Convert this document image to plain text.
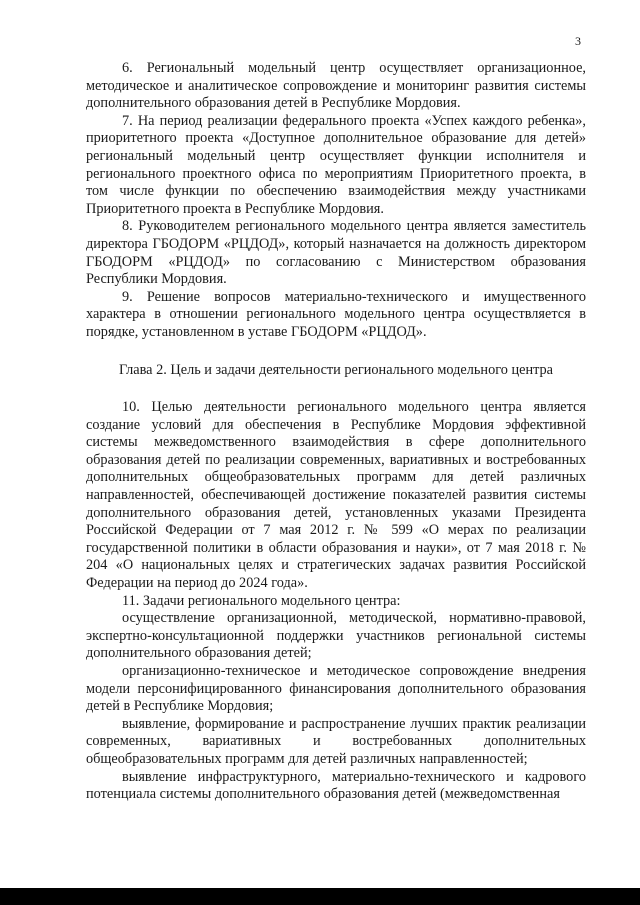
3

6. Региональный модельный центр осуществляет организационное, методическое и аналитическое сопровождение и мониторинг развития системы дополнительного образования детей в Республике Мордовия.

7. На период реализации федерального проекта «Успех каждого ребенка», приоритетного проекта «Доступное дополнительное образование для детей» региональный модельный центр осуществляет функции исполнителя и регионального проектного офиса по мероприятиям Приоритетного проекта, в том числе функции по обеспечению взаимодействия между участниками Приоритетного проекта в Республике Мордовия.

8. Руководителем регионального модельного центра является заместитель директора ГБОДОРМ «РЦДОД», который назначается на должность директором ГБОДОРМ «РЦДОД» по согласованию с Министерством образования Республики Мордовия.

9. Решение вопросов материально-технического и имущественного характера в отношении регионального модельного центра осуществляется в порядке, установленном в уставе ГБОДОРМ «РЦДОД».

Глава 2. Цель и задачи деятельности регионального модельного центра

10. Целью деятельности регионального модельного центра является создание условий для обеспечения в Республике Мордовия эффективной системы межведомственного взаимодействия в сфере дополнительного образования детей по реализации современных, вариативных и востребованных дополнительных общеобразовательных программ для детей различных направленностей, обеспечивающей достижение показателей развития системы дополнительного образования детей, установленных указами Президента Российской Федерации от 7 мая 2012 г. № 599 «О мерах по реализации государственной политики в области образования и науки», от 7 мая 2018 г. № 204 «О национальных целях и стратегических задачах развития Российской Федерации на период до 2024 года».

11. Задачи регионального модельного центра:

осуществление организационной, методической, нормативно-правовой, экспертно-консультационной поддержки участников региональной системы дополнительного образования детей;

организационно-техническое и методическое сопровождение внедрения модели персонифицированного финансирования дополнительного образования детей в Республике Мордовия;

выявление, формирование и распространение лучших практик реализации современных, вариативных и востребованных дополнительных общеобразовательных программ для детей различных направленностей;

выявление инфраструктурного, материально-технического и кадрового потенциала системы дополнительного образования детей (межведомственная
